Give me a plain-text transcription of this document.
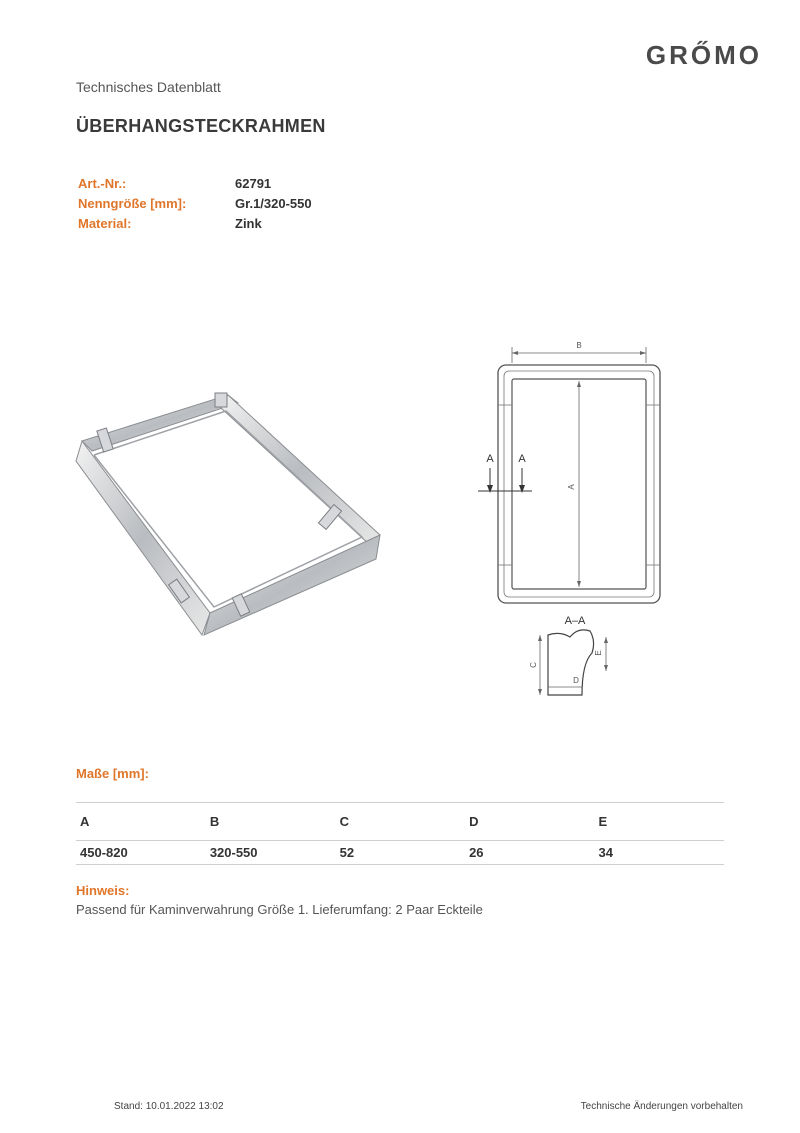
GRŐMO
Technisches Datenblatt
ÜBERHANGSTECKRAHMEN
Art.-Nr.:	62791
Nenngröße [mm]:	Gr.1/320-550
Material:	Zink
B
A
A A
A–A
C
E
D
Maße [mm]:
A	B	C	D	E
450-820	320-550	52	26	34
Hinweis:
Passend für Kaminverwahrung Größe 1. Lieferumfang: 2 Paar Eckteile
Stand: 10.01.2022 13:02	Technische Änderungen vorbehalten
